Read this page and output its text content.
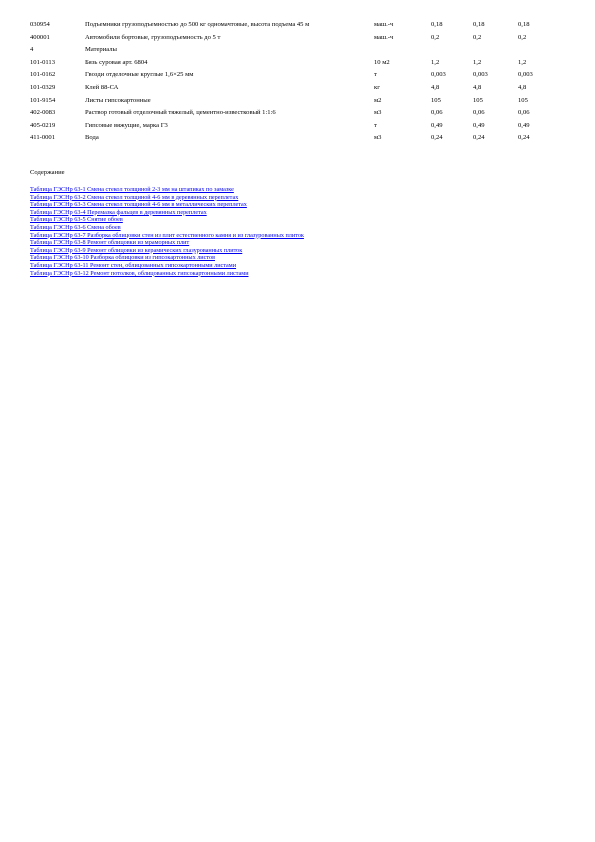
030954	Подъемники грузоподъемностью до 500 кг одномачтовые, высота подъема 45 м	маш.-ч	0,18	0,18	0,18
400001	Автомобили бортовые, грузоподъемность до 5 т	маш.-ч	0,2	0,2	0,2
4	Материалы				
101-0113	Бязь суровая арт. 6804	10 м2	1,2	1,2	1,2
101-0162	Гвозди отделочные круглые 1,6×25 мм	т	0,003	0,003	0,003
101-0329	Клей 88-СА	кг	4,8	4,8	4,8
101-9154	Листы гипсокартонные	м2	105	105	105
402-0083	Раствор готовый отделочный тяжелый, цементно-известковый 1:1:6	м3	0,06	0,06	0,06
405-0219	Гипсовые вяжущие, марка Г3	т	0,49	0,49	0,49
411-0001	Вода	м3	0,24	0,24	0,24
Содержание
Таблица ГЭСНр 63-1 Смена стекол толщиной 2-3 мм на штапиках по замазке
Таблица ГЭСНр 63-2 Смена стекол толщиной 4-6 мм в деревянных переплетах
Таблица ГЭСНр 63-3 Смена стекол толщиной 4-6 мм в металлических переплетах
Таблица ГЭСНр 63-4 Перемазка фальцев в деревянных переплетах
Таблица ГЭСНр 63-5 Снятие обоев
Таблица ГЭСНр 63-6 Смена обоев
Таблица ГЭСНр 63-7 Разборка облицовки стен из плит естественного камня и из глазурованных плиток
Таблица ГЭСНр 63-8 Ремонт облицовки из мраморных плит
Таблица ГЭСНр 63-9 Ремонт облицовки из керамических глазурованных плиток
Таблица ГЭСНр 63-10 Разборка облицовки из гипсокартонных листов
Таблица ГЭСНр 63-11 Ремонт стен, облицованных гипсокартонными листами
Таблица ГЭСНр 63-12 Ремонт потолков, облицованных гипсокартонными листами
